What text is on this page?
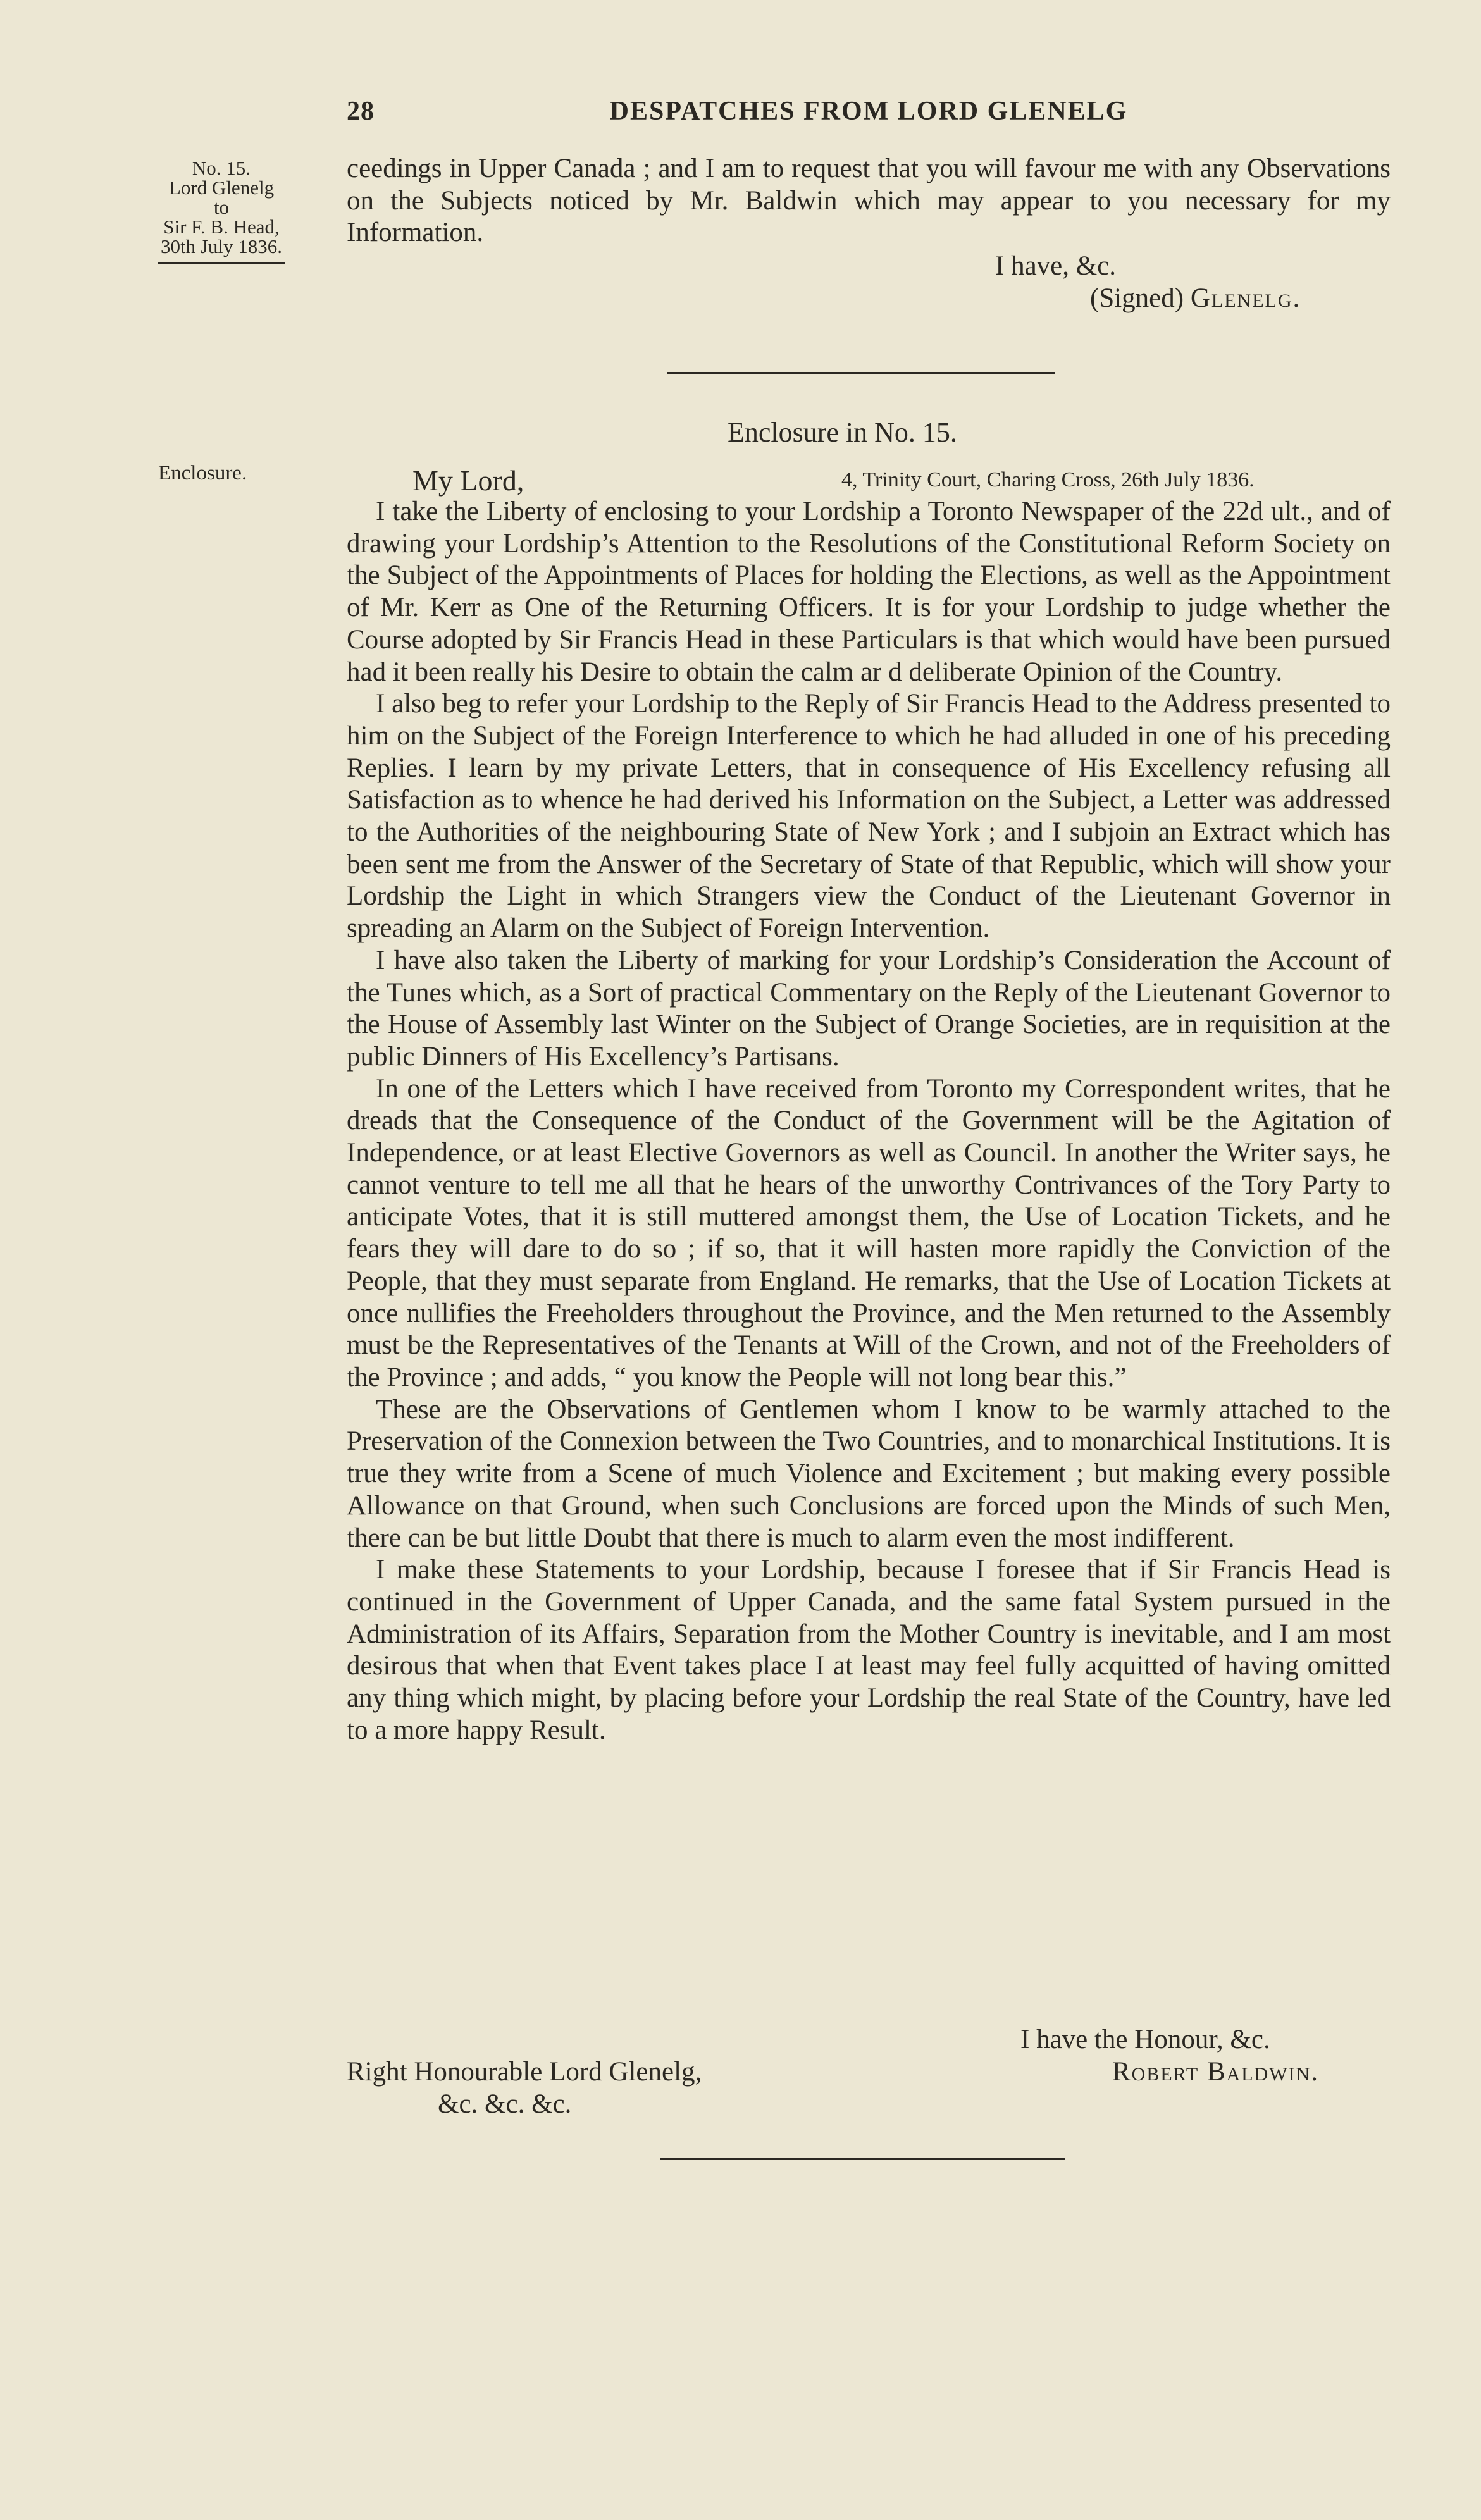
28	DESPATCHES FROM LORD GLENELG
No. 15.
Lord Glenelg
to
Sir F. B. Head,
30th July 1836.
Enclosure.

ceedings in Upper Canada ; and I am to request that you will favour me with any Observations on the Subjects noticed by Mr. Baldwin which may appear to you necessary for my Information.

I have, &c.
(Signed) Glenelg.
Enclosure in No. 15.
My Lord,	4, Trinity Court, Charing Cross, 26th July 1836.

I take the Liberty of enclosing to your Lordship a Toronto Newspaper of the 22d ult., and of drawing your Lordship’s Attention to the Resolutions of the Constitutional Reform Society on the Subject of the Appointments of Places for holding the Elections, as well as the Appointment of Mr. Kerr as One of the Returning Officers. It is for your Lordship to judge whether the Course adopted by Sir Francis Head in these Particulars is that which would have been pursued had it been really his Desire to obtain the calm ar d deliberate Opinion of the Country.

I also beg to refer your Lordship to the Reply of Sir Francis Head to the Address presented to him on the Subject of the Foreign Interference to which he had alluded in one of his preceding Replies. I learn by my private Letters, that in consequence of His Excellency refusing all Satisfaction as to whence he had derived his Information on the Subject, a Letter was addressed to the Authorities of the neighbouring State of New York ; and I subjoin an Extract which has been sent me from the Answer of the Secretary of State of that Republic, which will show your Lordship the Light in which Strangers view the Conduct of the Lieutenant Governor in spreading an Alarm on the Subject of Foreign Intervention.

I have also taken the Liberty of marking for your Lordship’s Consideration the Account of the Tunes which, as a Sort of practical Commentary on the Reply of the Lieutenant Governor to the House of Assembly last Winter on the Subject of Orange Societies, are in requisition at the public Dinners of His Excellency’s Partisans.

In one of the Letters which I have received from Toronto my Correspondent writes, that he dreads that the Consequence of the Conduct of the Government will be the Agitation of Independence, or at least Elective Governors as well as Council. In another the Writer says, he cannot venture to tell me all that he hears of the unworthy Contrivances of the Tory Party to anticipate Votes, that it is still muttered amongst them, the Use of Location Tickets, and he fears they will dare to do so ; if so, that it will hasten more rapidly the Conviction of the People, that they must separate from England. He remarks, that the Use of Location Tickets at once nullifies the Freeholders throughout the Province, and the Men returned to the Assembly must be the Representatives of the Tenants at Will of the Crown, and not of the Freeholders of the Province ; and adds, “ you know the People will not long bear this.”

These are the Observations of Gentlemen whom I know to be warmly attached to the Preservation of the Connexion between the Two Countries, and to monarchical Institutions. It is true they write from a Scene of much Violence and Excitement ; but making every possible Allowance on that Ground, when such Conclusions are forced upon the Minds of such Men, there can be but little Doubt that there is much to alarm even the most indifferent.

I make these Statements to your Lordship, because I foresee that if Sir Francis Head is continued in the Government of Upper Canada, and the same fatal System pursued in the Administration of its Affairs, Separation from the Mother Country is inevitable, and I am most desirous that when that Event takes place I at least may feel fully acquitted of having omitted any thing which might, by placing before your Lordship the real State of the Country, have led to a more happy Result.

I have the Honour, &c.
Right Honourable Lord Glenelg,	Robert Baldwin.
&c. &c. &c.
